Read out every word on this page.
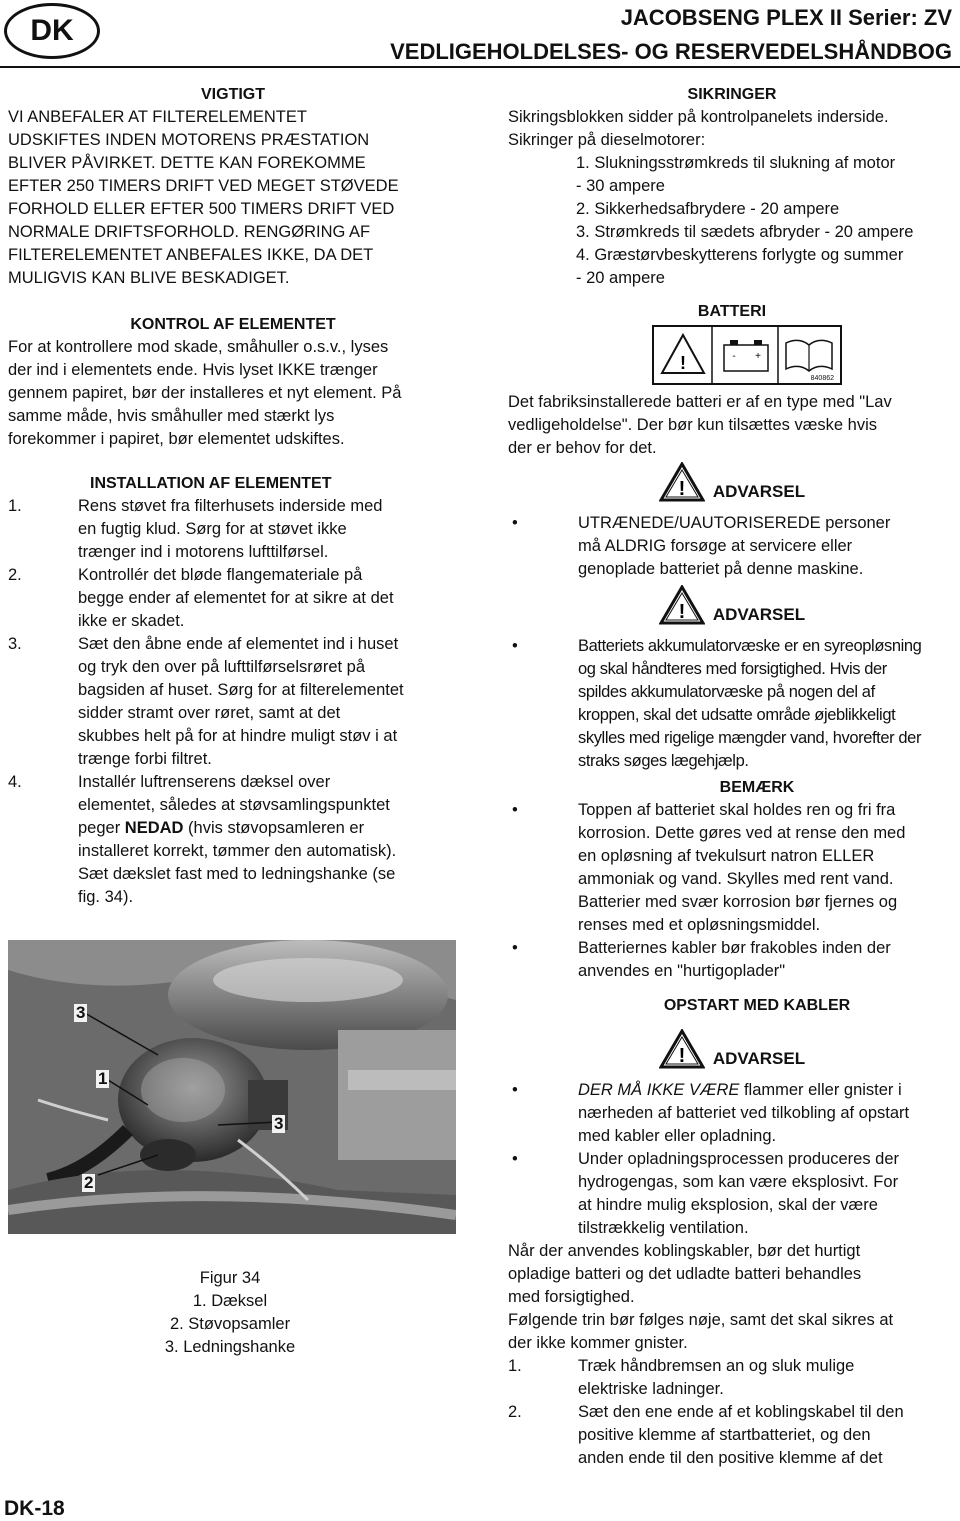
DK	JACOBSENG PLEX II Serier: ZV
VEDLIGEHOLDELSES- OG RESERVEDELSHÅNDBOG

VIGTIGT

VI ANBEFALER AT FILTERELEMENTET

UDSKIFTES INDEN MOTORENS PRÆSTATION

BLIVER PÅVIRKET. DETTE KAN FOREKOMME

EFTER 250 TIMERS DRIFT VED MEGET STØVEDE

FORHOLD ELLER EFTER 500 TIMERS DRIFT VED

NORMALE DRIFTSFORHOLD. RENGØRING AF

FILTERELEMENTET ANBEFALES IKKE, DA DET

MULIGVIS KAN BLIVE BESKADIGET.

KONTROL AF ELEMENTET

For at kontrollere mod skade, småhuller o.s.v., lyses

der ind i elementets ende. Hvis lyset IKKE trænger

gennem papiret, bør der installeres et nyt element. På

samme måde, hvis småhuller med stærkt lys

forekommer i papiret, bør elementet udskiftes.

INSTALLATION AF ELEMENTET

1.	Rens støvet fra filterhusets inderside med

en fugtig klud. Sørg for at støvet ikke

trænger ind i motorens lufttilførsel.

2.	Kontrollér det bløde flangemateriale på

begge ender af elementet for at sikre at det

ikke er skadet.

3.	Sæt den åbne ende af elementet ind i huset

og tryk den over på lufttilførselsrøret på

bagsiden af huset. Sørg for at filterelementet

sidder stramt over røret, samt at det

skubbes helt på for at hindre muligt støv i at

trænge forbi filtret.

4.	Installér luftrenserens dæksel over

elementet, således at støvsamlingspunktet

peger NEDAD (hvis støvopsamleren er

installeret korrekt, tømmer den automatisk).

Sæt dækslet fast med to ledningshanke (se

fig. 34).

3
1
3
2

Figur 34

1. Dæksel

2. Støvopsamler

3. Ledningshanke

SIKRINGER

Sikringsblokken sidder på kontrolpanelets inderside.

Sikringer på dieselmotorer:

1. Slukningsstrømkreds til slukning af motor

- 30 ampere

2. Sikkerhedsafbrydere - 20 ampere

3. Strømkreds til sædets afbryder - 20 ampere

4. Græstørvbeskytterens forlygte og summer

- 20 ampere

BATTERI

!	- +
840862

Det fabriksinstallerede batteri er af en type med "Lav

vedligeholdelse". Der bør kun tilsættes væske hvis

der er behov for det.

! ADVARSEL
•	UTRÆNEDE/UAUTORISEREDE personer

må ALDRIG forsøge at servicere eller

genoplade batteriet på denne maskine.

! ADVARSEL
•	Batteriets akkumulatorvæske er en syreopløsning

og skal håndteres med forsigtighed. Hvis der

spildes akkumulatorvæske på nogen del af

kroppen, skal det udsatte område øjeblikkeligt

skylles med rigelige mængder vand, hvorefter der

straks søges lægehjælp.

BEMÆRK

•	Toppen af batteriet skal holdes ren og fri fra

korrosion. Dette gøres ved at rense den med

en opløsning af tvekulsurt natron ELLER

ammoniak og vand. Skylles med rent vand.

Batterier med svær korrosion bør fjernes og

renses med et opløsningsmiddel.

•	Batteriernes kabler bør frakobles inden der

anvendes en "hurtigoplader"

OPSTART MED KABLER

! ADVARSEL
•	DER MÅ IKKE VÆRE flammer eller gnister i

nærheden af batteriet ved tilkobling af opstart

med kabler eller opladning.

•	Under opladningsprocessen produceres der

hydrogengas, som kan være eksplosivt. For

at hindre mulig eksplosion, skal der være

tilstrækkelig ventilation.

Når der anvendes koblingskabler, bør det hurtigt

opladige batteri og det udladte batteri behandles

med forsigtighed.

Følgende trin bør følges nøje, samt det skal sikres at

der ikke kommer gnister.

1.	Træk håndbremsen an og sluk mulige

elektriske ladninger.

2.	Sæt den ene ende af et koblingskabel til den

positive klemme af startbatteriet, og den

anden ende til den positive klemme af det

DK-18
